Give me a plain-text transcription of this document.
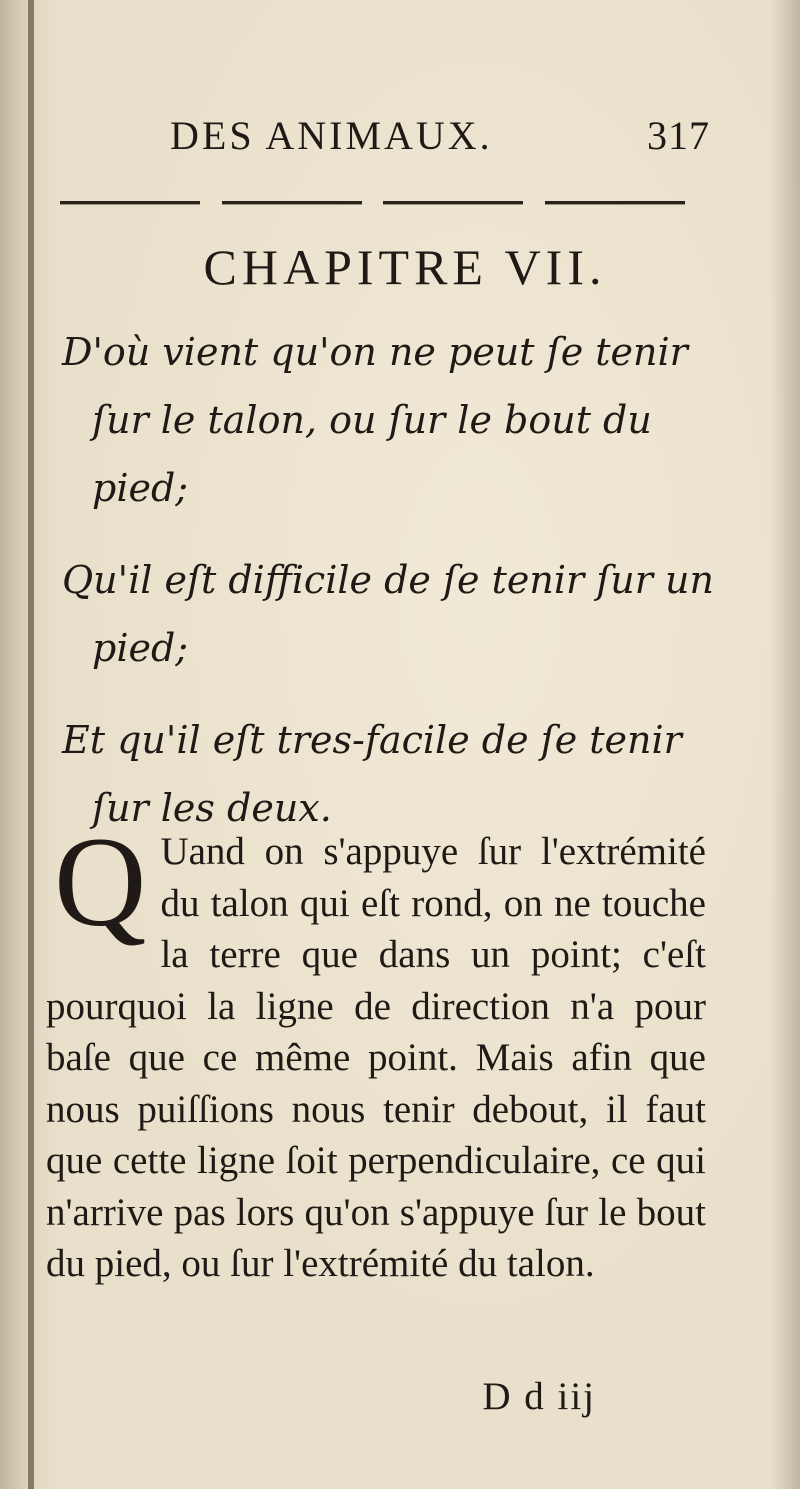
DES ANIMAUX.	317
CHAPITRE VII.

D'où vient qu'on ne peut ſe tenir ſur le talon, ou ſur le bout du pied;

Qu'il eſt difficile de ſe tenir ſur un pied;

Et qu'il eſt tres-facile de ſe tenir ſur les deux.

Q Uand on s'appuye ſur l'extrémité du talon qui eſt rond, on ne touche la terre que dans un point; c'eſt pourquoi la ligne de direction n'a pour baſe que ce même point. Mais afin que nous puiſſions nous tenir debout, il faut que cette ligne ſoit perpendiculaire, ce qui n'arrive pas lors qu'on s'appuye ſur le bout du pied, ou ſur l'extrémité du talon.
D d iij
